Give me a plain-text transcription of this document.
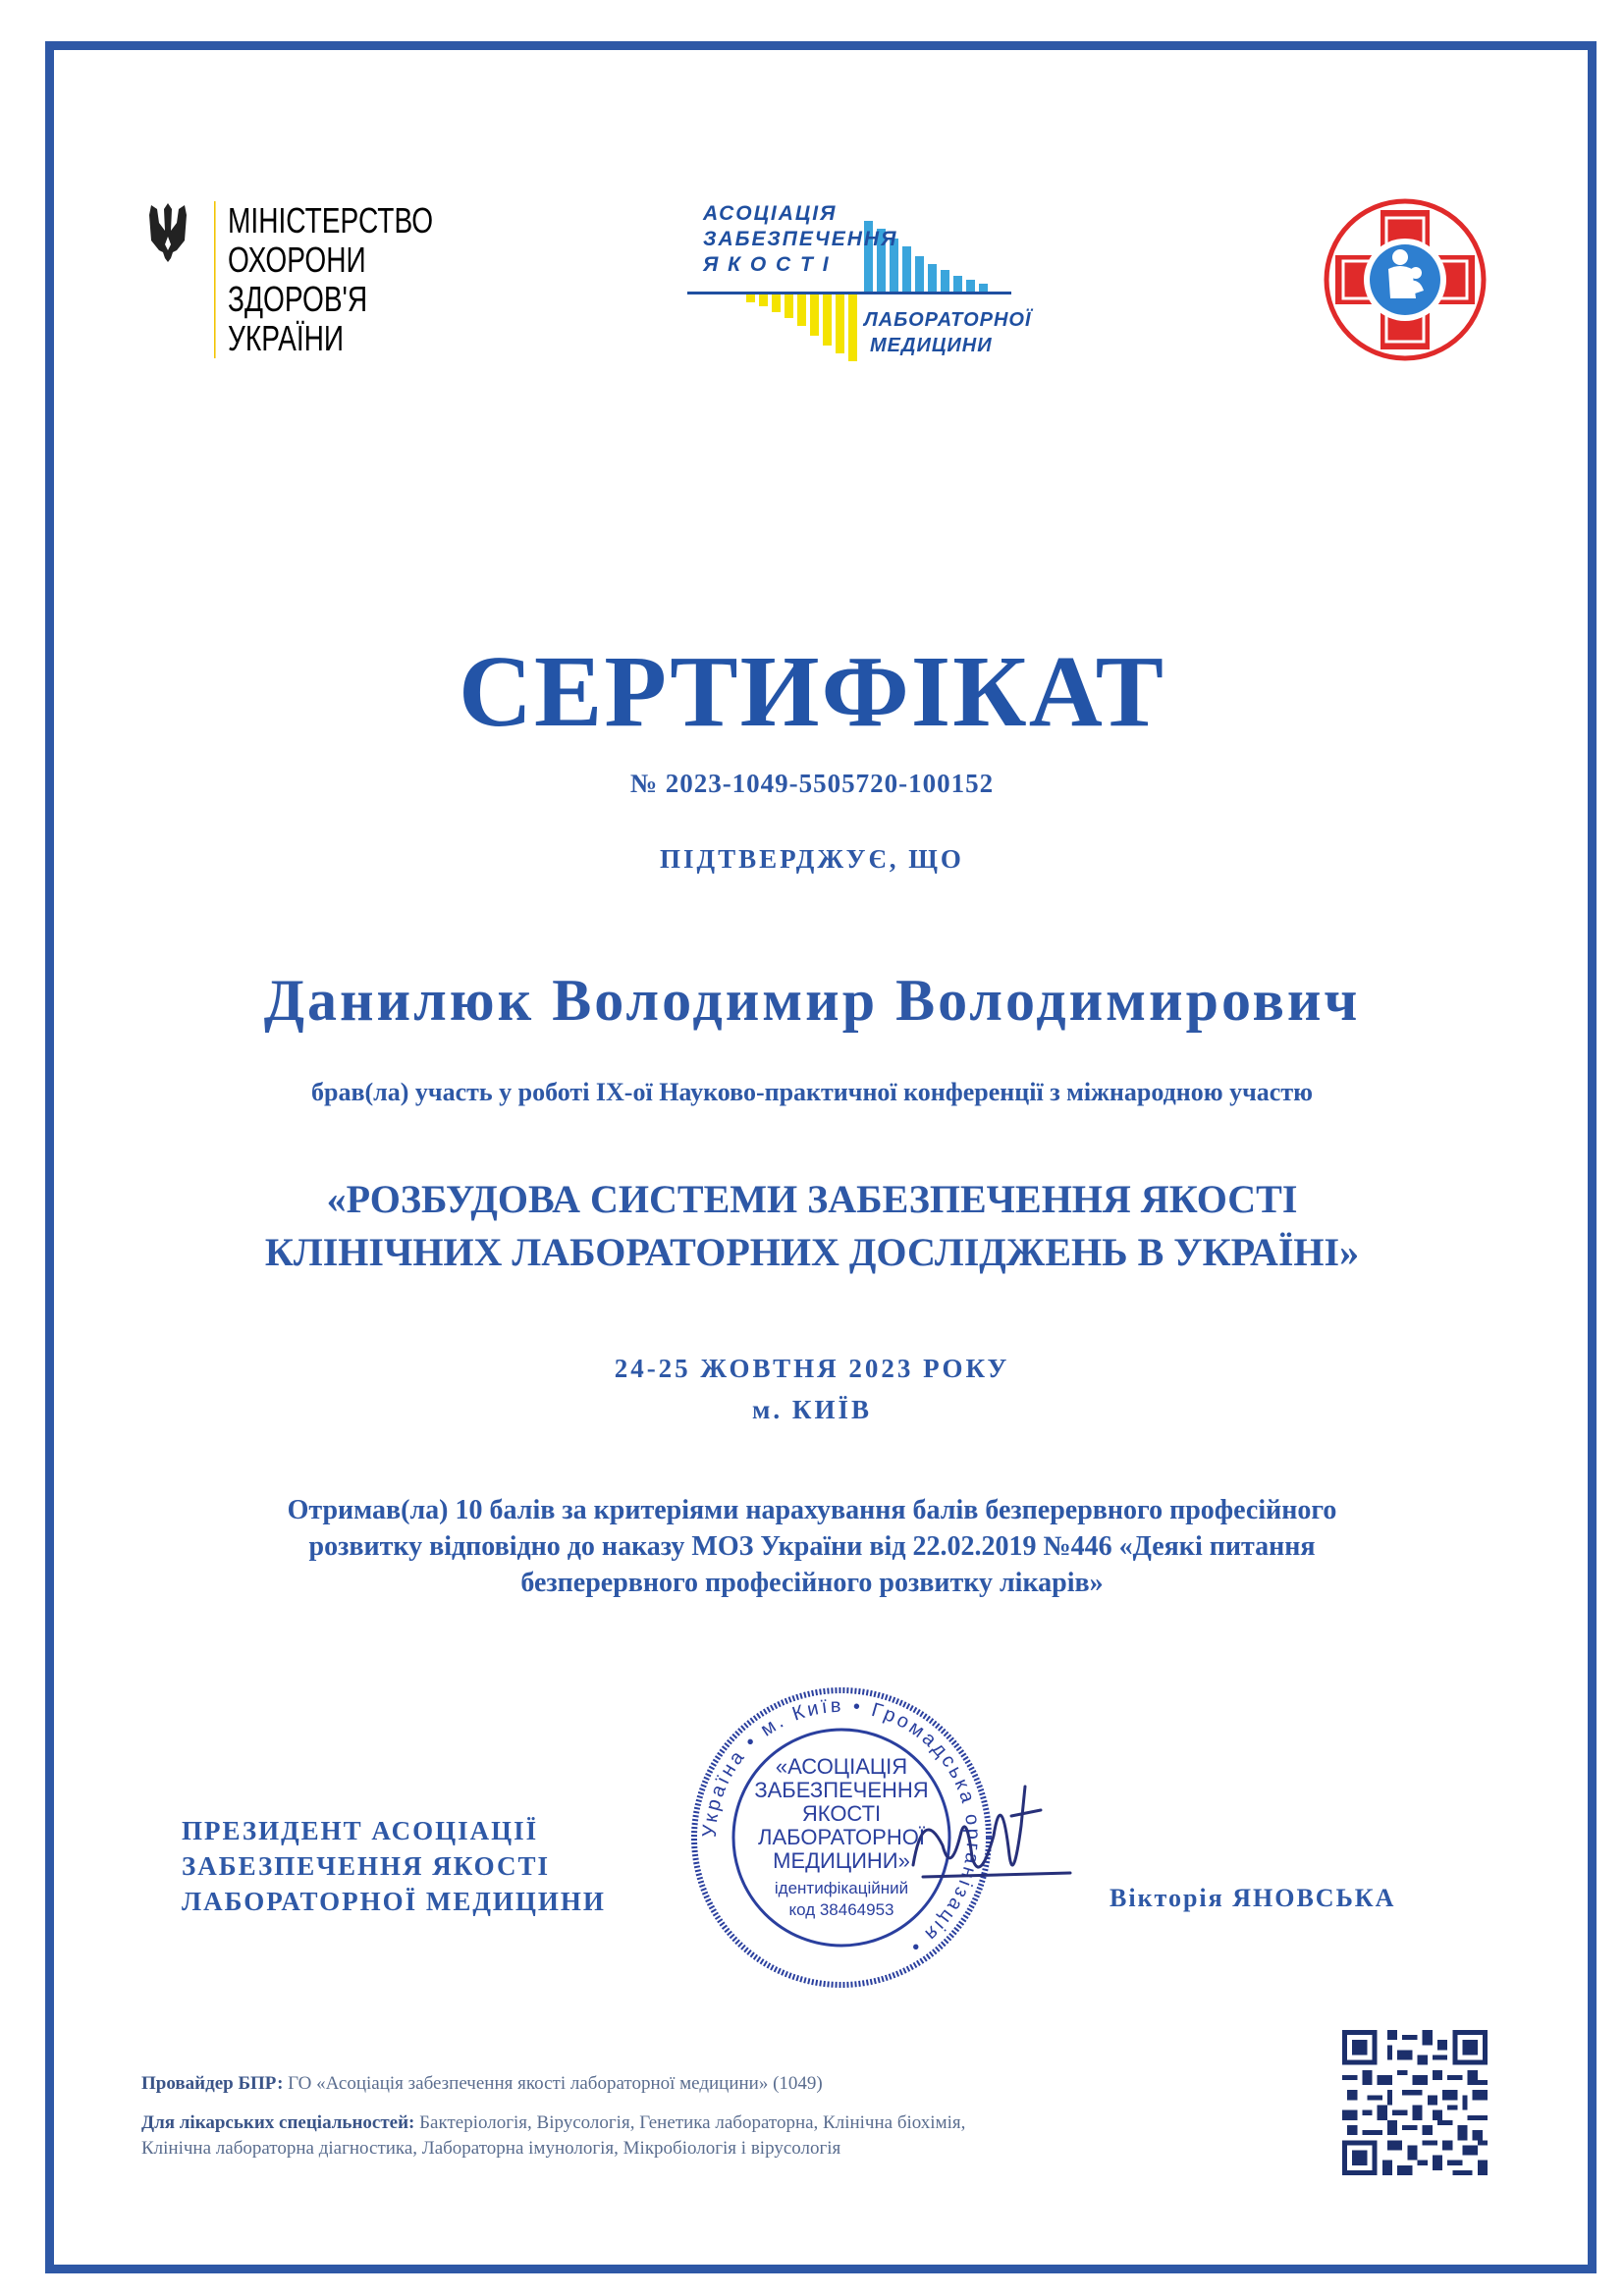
МІНІСТЕРСТВО
ОХОРОНИ
ЗДОРОВ'Я
УКРАЇНИ
АСОЦІАЦІЯ
ЗАБЕЗПЕЧЕННЯ
Я К О С Т І
ЛАБОРАТОРНОЇ
МЕДИЦИНИ
СЕРТИФІКАТ
№ 2023-1049-5505720-100152
ПІДТВЕРДЖУЄ, ЩО
Данилюк Володимир Володимирович
брав(ла) участь у роботі ІХ-ої Науково-практичної конференції з міжнародною участю
«РОЗБУДОВА СИСТЕМИ ЗАБЕЗПЕЧЕННЯ ЯКОСТІ
КЛІНІЧНИХ ЛАБОРАТОРНИХ ДОСЛІДЖЕНЬ В УКРАЇНІ»
24-25 ЖОВТНЯ 2023 РОКУ
м. КИЇВ
Отримав(ла) 10 балів за критеріями нарахування балів безперервного професійного
розвитку відповідно до наказу МОЗ України від 22.02.2019 №446 «Деякі питання
безперервного професійного розвитку лікарів»
ПРЕЗИДЕНТ АСОЦІАЦІЇ
ЗАБЕЗПЕЧЕННЯ ЯКОСТІ
ЛАБОРАТОРНОЇ МЕДИЦИНИ
Україна • м. Київ • Громадська організація •
«АСОЦІАЦІЯ
ЗАБЕЗПЕЧЕННЯ
ЯКОСТІ
ЛАБОРАТОРНОЇ
МЕДИЦИНИ»
ідентифікаційний
код 38464953	Вікторія ЯНОВСЬКА
Провайдер БПР: ГО «Асоціація забезпечення якості лабораторної медицини» (1049)
Для лікарських спеціальностей: Бактеріологія, Вірусологія, Генетика лабораторна, Клінічна біохімія,
Клінічна лабораторна діагностика, Лабораторна імунологія, Мікробіологія і вірусологія
